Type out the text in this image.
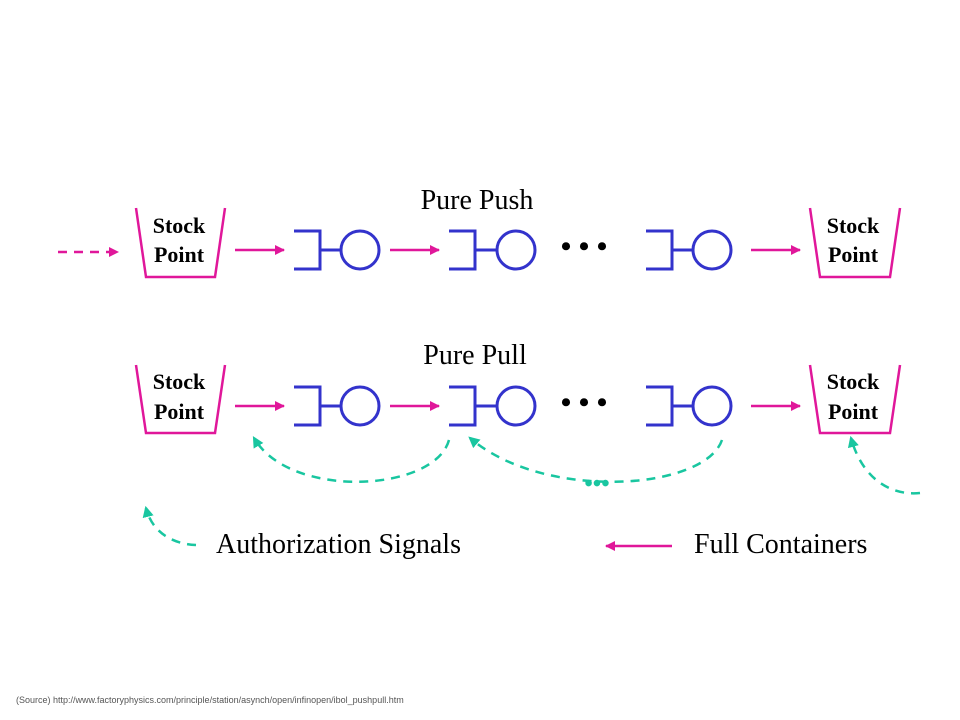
Pure Push
Stock
Point	• • •
Stock
Point
Pure Pull
Stock
Point	• • •
Stock
Point
•••
Authorization Signals	Full Containers
(Source) http://www.factoryphysics.com/principle/station/asynch/open/infinopen/ibol_pushpull.htm
